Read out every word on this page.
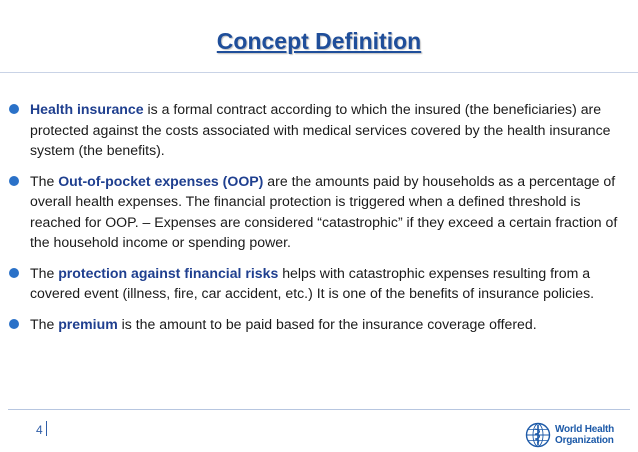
Concept Definition
Health insurance is a formal contract according to which the insured (the beneficiaries) are protected against the costs associated with medical services covered by the health insurance system (the benefits).
The Out-of-pocket expenses (OOP) are the amounts paid by households as a percentage of overall health expenses. The financial protection is triggered when a defined threshold is reached for OOP. – Expenses are considered “catastrophic” if they exceed a certain fraction of the household income or spending power.
The protection against financial risks helps with catastrophic expenses resulting from a covered event (illness, fire, car accident, etc.) It is one of the benefits of insurance policies.
The premium is the amount to be paid based for the insurance coverage offered.
4	World Health
Organization
